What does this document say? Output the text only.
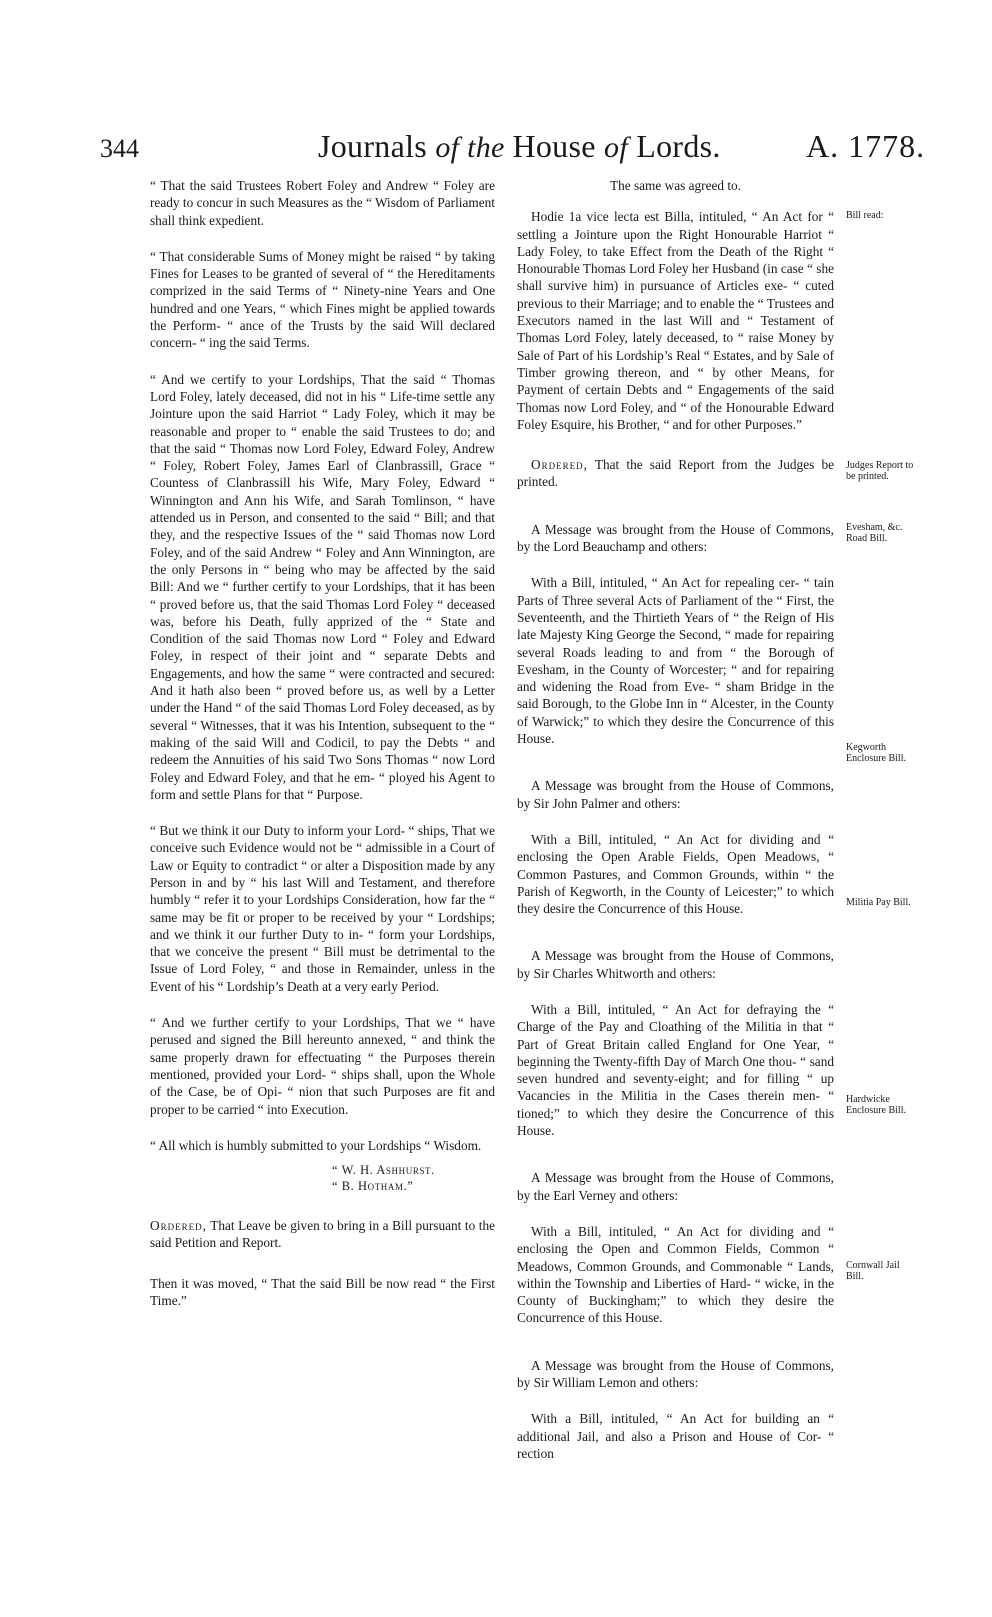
344	Journals of the House of Lords.	A. 1778.

“ That the said Trustees Robert Foley and Andrew “ Foley are ready to concur in such Measures as the “ Wisdom of Parliament shall think expedient.

“ That considerable Sums of Money might be raised “ by taking Fines for Leases to be granted of several of “ the Hereditaments comprized in the said Terms of “ Ninety-nine Years and One hundred and one Years, “ which Fines might be applied towards the Perform- “ ance of the Trusts by the said Will declared concern- “ ing the said Terms.

“ And we certify to your Lordships, That the said “ Thomas Lord Foley, lately deceased, did not in his “ Life-time settle any Jointure upon the said Harriot “ Lady Foley, which it may be reasonable and proper to “ enable the said Trustees to do; and that the said “ Thomas now Lord Foley, Edward Foley, Andrew “ Foley, Robert Foley, James Earl of Clanbrassill, Grace “ Countess of Clanbrassill his Wife, Mary Foley, Edward “ Winnington and Ann his Wife, and Sarah Tomlinson, “ have attended us in Person, and consented to the said “ Bill; and that they, and the respective Issues of the “ said Thomas now Lord Foley, and of the said Andrew “ Foley and Ann Winnington, are the only Persons in “ being who may be affected by the said Bill: And we “ further certify to your Lordships, that it has been “ proved before us, that the said Thomas Lord Foley “ deceased was, before his Death, fully apprized of the “ State and Condition of the said Thomas now Lord “ Foley and Edward Foley, in respect of their joint and “ separate Debts and Engagements, and how the same “ were contracted and secured: And it hath also been “ proved before us, as well by a Letter under the Hand “ of the said Thomas Lord Foley deceased, as by several “ Witnesses, that it was his Intention, subsequent to the “ making of the said Will and Codicil, to pay the Debts “ and redeem the Annuities of his said Two Sons Thomas “ now Lord Foley and Edward Foley, and that he em- “ ployed his Agent to form and settle Plans for that “ Purpose.

“ But we think it our Duty to inform your Lord- “ ships, That we conceive such Evidence would not be “ admissible in a Court of Law or Equity to contradict “ or alter a Disposition made by any Person in and by “ his last Will and Testament, and therefore humbly “ refer it to your Lordships Consideration, how far the “ same may be fit or proper to be received by your “ Lordships; and we think it our further Duty to in- “ form your Lordships, that we conceive the present “ Bill must be detrimental to the Issue of Lord Foley, “ and those in Remainder, unless in the Event of his “ Lordship’s Death at a very early Period.

“ And we further certify to your Lordships, That we “ have perused and signed the Bill hereunto annexed, “ and think the same properly drawn for effectuating “ the Purposes therein mentioned, provided your Lord- “ ships shall, upon the Whole of the Case, be of Opi- “ nion that such Purposes are fit and proper to be carried “ into Execution.

“ All which is humbly submitted to your Lordships “ Wisdom.

“ W. H. Ashhurst.

“ B. Hotham.”

Ordered, That Leave be given to bring in a Bill pursuant to the said Petition and Report.

Then it was moved, “ That the said Bill be now read “ the First Time.”

The same was agreed to.

Hodie 1a vice lecta est Billa, intituled, “ An Act for “ settling a Jointure upon the Right Honourable Harriot “ Lady Foley, to take Effect from the Death of the Right “ Honourable Thomas Lord Foley her Husband (in case “ she shall survive him) in pursuance of Articles exe- “ cuted previous to their Marriage; and to enable the “ Trustees and Executors named in the last Will and “ Testament of Thomas Lord Foley, lately deceased, to “ raise Money by Sale of Part of his Lordship’s Real “ Estates, and by Sale of Timber growing thereon, and “ by other Means, for Payment of certain Debts and “ Engagements of the said Thomas now Lord Foley, and “ of the Honourable Edward Foley Esquire, his Brother, “ and for other Purposes.”

Ordered, That the said Report from the Judges be printed.

A Message was brought from the House of Commons, by the Lord Beauchamp and others:

With a Bill, intituled, “ An Act for repealing cer- “ tain Parts of Three several Acts of Parliament of the “ First, the Seventeenth, and the Thirtieth Years of “ the Reign of His late Majesty King George the Second, “ made for repairing several Roads leading to and from “ the Borough of Evesham, in the County of Worcester; “ and for repairing and widening the Road from Eve- “ sham Bridge in the said Borough, to the Globe Inn in “ Alcester, in the County of Warwick;” to which they desire the Concurrence of this House.

A Message was brought from the House of Commons, by Sir John Palmer and others:

With a Bill, intituled, “ An Act for dividing and “ enclosing the Open Arable Fields, Open Meadows, “ Common Pastures, and Common Grounds, within “ the Parish of Kegworth, in the County of Leicester;” to which they desire the Concurrence of this House.

A Message was brought from the House of Commons, by Sir Charles Whitworth and others:

With a Bill, intituled, “ An Act for defraying the “ Charge of the Pay and Cloathing of the Militia in that “ Part of Great Britain called England for One Year, “ beginning the Twenty-fifth Day of March One thou- “ sand seven hundred and seventy-eight; and for filling “ up Vacancies in the Militia in the Cases therein men- “ tioned;” to which they desire the Concurrence of this House.

A Message was brought from the House of Commons, by the Earl Verney and others:

With a Bill, intituled, “ An Act for dividing and “ enclosing the Open and Common Fields, Common “ Meadows, Common Grounds, and Commonable “ Lands, within the Township and Liberties of Hard- “ wicke, in the County of Buckingham;” to which they desire the Concurrence of this House.

A Message was brought from the House of Commons, by Sir William Lemon and others:

With a Bill, intituled, “ An Act for building an “ additional Jail, and also a Prison and House of Cor- “ rection

Bill read:
Judges Report to be printed.
Evesham, &c. Road Bill.
Kegworth Enclosure Bill.
Militia Pay Bill.
Hardwicke Enclosure Bill.
Cornwall Jail Bill.
